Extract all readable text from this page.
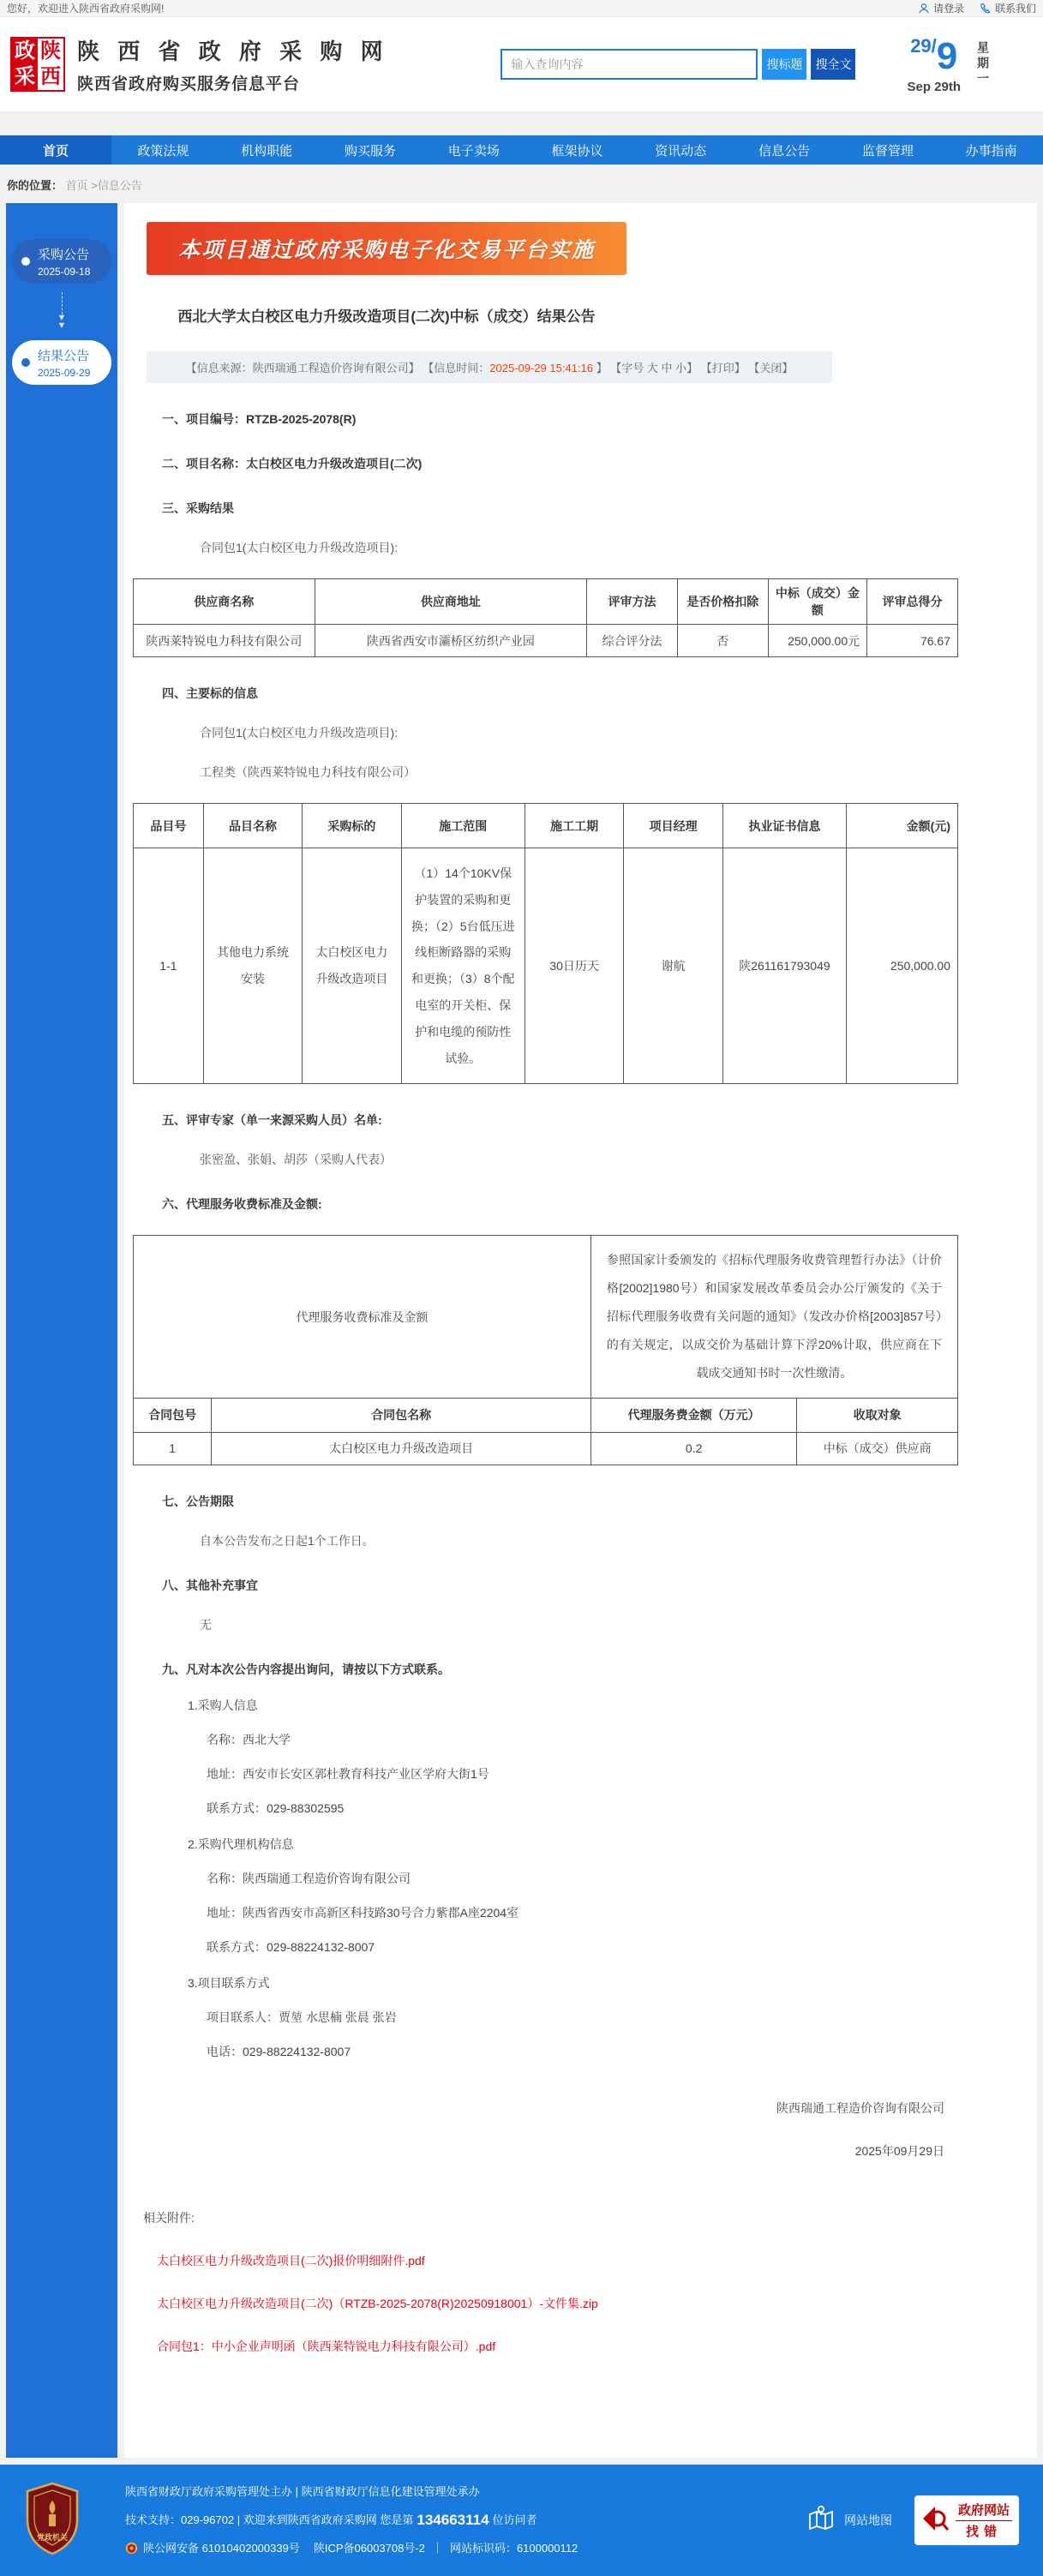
您好，欢迎进入陕西省政府采购网!	请登录	联系我们
政 陕
采 西
陕 西 省 政 府 采 购 网
陕西省政府购买服务信息平台
输入查询内容
搜标题	搜全文
29/9
Sep 29th 星期一
首页	政策法规	机构职能	购买服务	电子卖场	框架协议	资讯动态	信息公告	监督管理	办事指南
你的位置： 首页 >信息公告
采购公告
2025-09-18
▼
▼
结果公告
2025-09-29
本项目通过政府采购电子化交易平台实施
西北大学太白校区电力升级改造项目(二次)中标（成交）结果公告
【信息来源：陕西瑞通工程造价咨询有限公司】 【信息时间：2025-09-29 15:41:16 】 【字号 大 中 小】 【打印】 【关闭】
一、项目编号：RTZB-2025-2078(R)
二、项目名称：太白校区电力升级改造项目(二次)
三、采购结果
合同包1(太白校区电力升级改造项目):
供应商名称	供应商地址	评审方法	是否价格扣除	中标（成交）金额	评审总得分
陕西莱特锐电力科技有限公司	陕西省西安市灞桥区纺织产业园	综合评分法	否	250,000.00元	76.67
四、主要标的信息
合同包1(太白校区电力升级改造项目):
工程类（陕西莱特锐电力科技有限公司）
品目号	品目名称	采购标的	施工范围	施工工期	项目经理	执业证书信息	金额(元)
1-1	其他电力系统安装	太白校区电力升级改造项目	（1）14个10KV保护装置的采购和更换；（2）5台低压进线柜断路器的采购和更换；（3）8个配电室的开关柜、保护和电缆的预防性试验。	30日历天	谢航	陕261161793049	250,000.00
五、评审专家（单一来源采购人员）名单:
张密盈、张娟、胡莎（采购人代表）
六、代理服务收费标准及金额:
代理服务收费标准及金额		参照国家计委颁发的《招标代理服务收费管理暂行办法》（计价格[2002]1980号）和国家发展改革委员会办公厅颁发的《关于招标代理服务收费有关问题的通知》（发改办价格[2003]857号）的有关规定，以成交价为基础计算下浮20%计取，供应商在下载成交通知书时一次性缴清。	
合同包号	合同包名称	代理服务费金额（万元）	收取对象
1	太白校区电力升级改造项目	0.2	中标（成交）供应商
七、公告期限
自本公告发布之日起1个工作日。
八、其他补充事宜
无
九、凡对本次公告内容提出询问，请按以下方式联系。
1.采购人信息
名称：西北大学
地址：西安市长安区郭杜教育科技产业区学府大街1号
联系方式：029-88302595
2.采购代理机构信息
名称：陕西瑞通工程造价咨询有限公司
地址：陕西省西安市高新区科技路30号合力紫郡A座2204室
联系方式：029-88224132-8007
3.项目联系方式
项目联系人：贾堃 水思楠 张晨 张岩
电话：029-88224132-8007
陕西瑞通工程造价咨询有限公司
2025年09月29日
相关附件:
太白校区电力升级改造项目(二次)报价明细附件.pdf
太白校区电力升级改造项目(二次)（RTZB-2025-2078(R)20250918001）-文件集.zip
合同包1：中小企业声明函（陕西莱特锐电力科技有限公司）.pdf
党政机关
陕西省财政厅政府采购管理处主办 | 陕西省财政厅信息化建设管理处承办
技术支持：029-96702 | 欢迎来到陕西省政府采购网 您是第 134663114 位访问者
陕公网安备 61010402000339号 陕ICP备06003708号-2 ｜ 网站标识码：6100000112
网站地图
政府网站
找错
